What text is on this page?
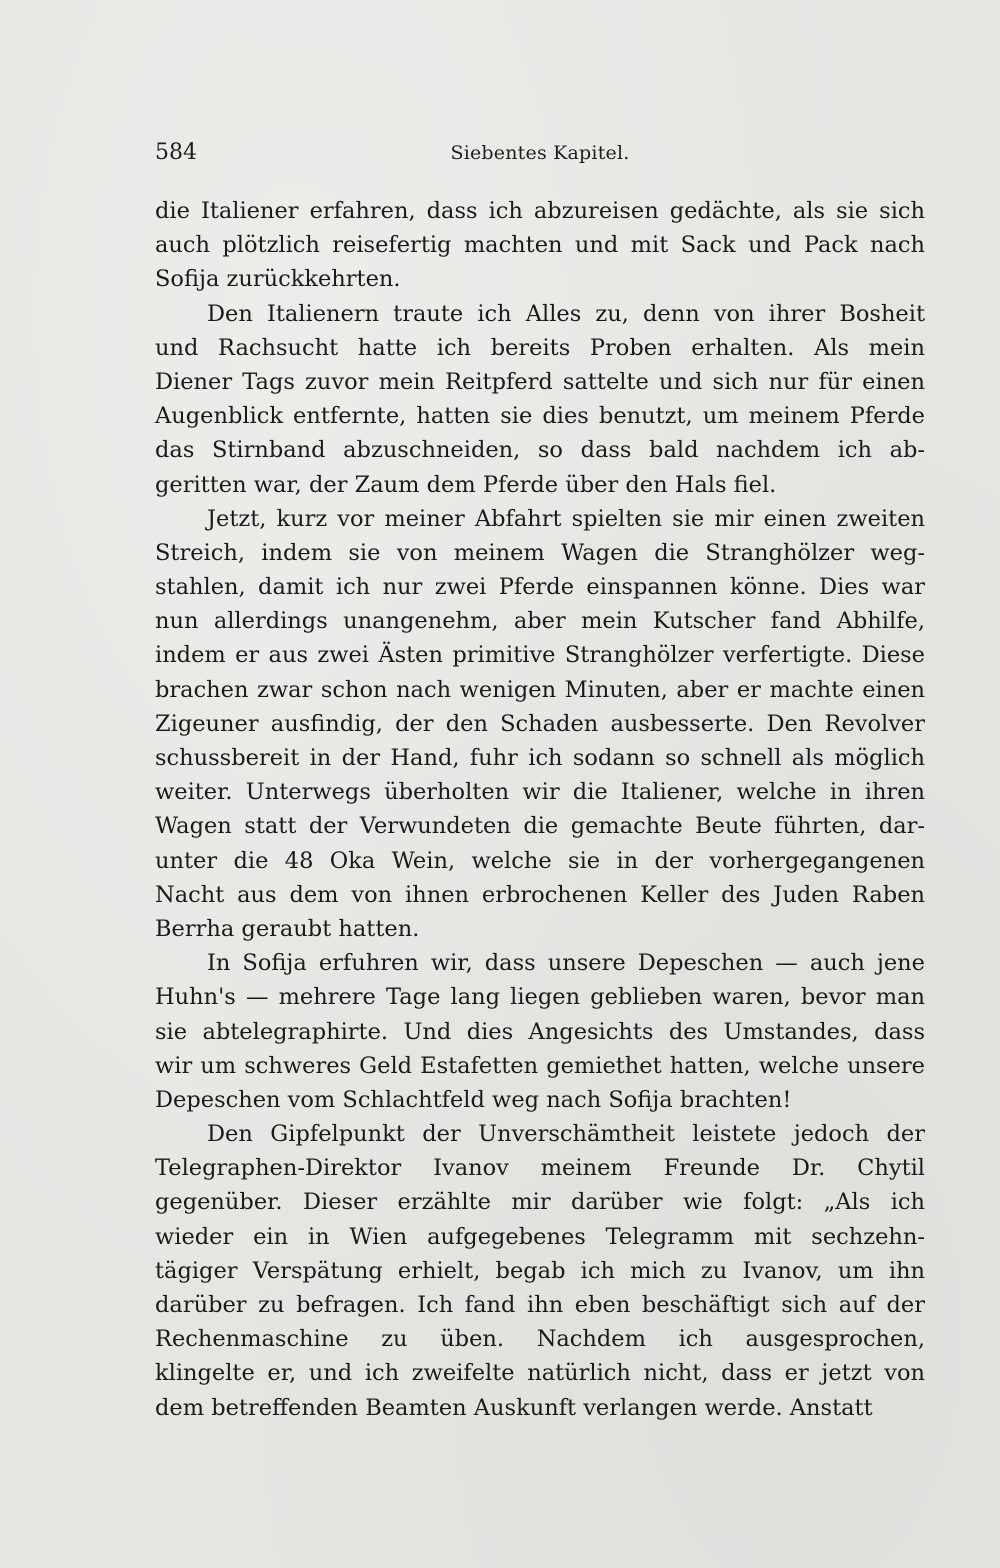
584	Siebentes Kapitel.
die Italiener erfahren, dass ich abzureisen gedächte, als sie sich
auch plötzlich reisefertig machten und mit Sack und Pack nach
Sofija zurückkehrten.
Den Italienern traute ich Alles zu, denn von ihrer Bosheit
und Rachsucht hatte ich bereits Proben erhalten. Als mein
Diener Tags zuvor mein Reitpferd sattelte und sich nur für einen
Augenblick entfernte, hatten sie dies benutzt, um meinem Pferde
das Stirnband abzuschneiden, so dass bald nachdem ich ab-
geritten war, der Zaum dem Pferde über den Hals fiel.
Jetzt, kurz vor meiner Abfahrt spielten sie mir einen zweiten
Streich, indem sie von meinem Wagen die Stranghölzer weg-
stahlen, damit ich nur zwei Pferde einspannen könne. Dies war
nun allerdings unangenehm, aber mein Kutscher fand Abhilfe,
indem er aus zwei Ästen primitive Stranghölzer verfertigte. Diese
brachen zwar schon nach wenigen Minuten, aber er machte einen
Zigeuner ausfindig, der den Schaden ausbesserte. Den Revolver
schussbereit in der Hand, fuhr ich sodann so schnell als möglich
weiter. Unterwegs überholten wir die Italiener, welche in ihren
Wagen statt der Verwundeten die gemachte Beute führten, dar-
unter die 48 Oka Wein, welche sie in der vorhergegangenen
Nacht aus dem von ihnen erbrochenen Keller des Juden Raben
Berrha geraubt hatten.
In Sofija erfuhren wir, dass unsere Depeschen — auch jene
Huhn's — mehrere Tage lang liegen geblieben waren, bevor man
sie abtelegraphirte. Und dies Angesichts des Umstandes, dass
wir um schweres Geld Estafetten gemiethet hatten, welche unsere
Depeschen vom Schlachtfeld weg nach Sofija brachten!
Den Gipfelpunkt der Unverschämtheit leistete jedoch der
Telegraphen-Direktor Ivanov meinem Freunde Dr. Chytil
gegenüber. Dieser erzählte mir darüber wie folgt: „Als ich
wieder ein in Wien aufgegebenes Telegramm mit sechzehn-
tägiger Verspätung erhielt, begab ich mich zu Ivanov, um ihn
darüber zu befragen. Ich fand ihn eben beschäftigt sich auf der
Rechenmaschine zu üben. Nachdem ich ausgesprochen,
klingelte er, und ich zweifelte natürlich nicht, dass er jetzt von
dem betreffenden Beamten Auskunft verlangen werde. Anstatt
